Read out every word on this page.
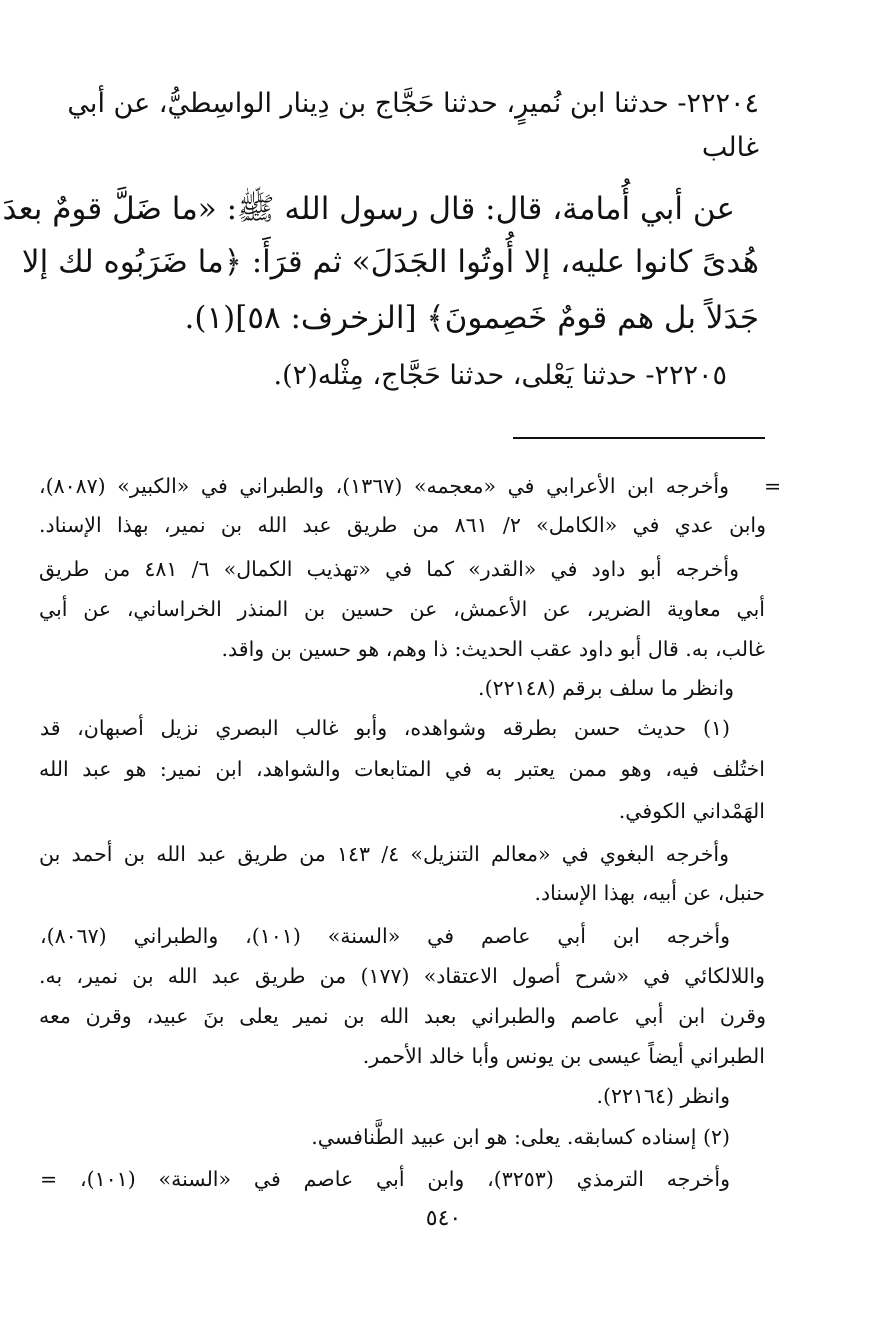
٢٢٢٠٤- حدثنا ابن نُميرٍ، حدثنا حَجَّاج بن دِينار الواسِطيُّ، عن أبي
غالب
عن أبي أُمامة، قال: قال رسول الله ﷺ: «ما ضَلَّ قومٌ بعدَ
هُدىً كانوا عليه، إلا أُوتُوا الجَدَلَ» ثم قرَأَ: ﴿ما ضَرَبُوه لك إلا
جَدَلاً بل هم قومٌ خَصِمونَ﴾ [الزخرف: ٥٨](١).
٢٢٢٠٥- حدثنا يَعْلى، حدثنا حَجَّاج، مِثْله(٢).
=
وأخرجه ابن الأعرابي في «معجمه» (١٣٦٧)، والطبراني في «الكبير» (٨٠٨٧)،
وابن عدي في «الكامل» ٢/ ٨٦١ من طريق عبد الله بن نمير، بهذا الإسناد.
وأخرجه أبو داود في «القدر» كما في «تهذيب الكمال» ٦/ ٤٨١ من طريق
أبي معاوية الضرير، عن الأعمش، عن حسين بن المنذر الخراساني، عن أبي
غالب، به. قال أبو داود عقب الحديث: ذا وهم، هو حسين بن واقد.
وانظر ما سلف برقم (٢٢١٤٨).
(١) حديث حسن بطرقه وشواهده، وأبو غالب البصري نزيل أصبهان، قد
اختُلف فيه، وهو ممن يعتبر به في المتابعات والشواهد، ابن نمير: هو عبد الله
الهَمْداني الكوفي.
وأخرجه البغوي في «معالم التنزيل» ٤/ ١٤٣ من طريق عبد الله بن أحمد بن
حنبل، عن أبيه، بهذا الإسناد.
وأخرجه ابن أبي عاصم في «السنة» (١٠١)، والطبراني (٨٠٦٧)،
واللالكائي في «شرح أصول الاعتقاد» (١٧٧) من طريق عبد الله بن نمير، به.
وقرن ابن أبي عاصم والطبراني بعبد الله بن نمير يعلى بنَ عبيد، وقرن معه
الطبراني أيضاً عيسى بن يونس وأبا خالد الأحمر.
وانظر (٢٢١٦٤).
(٢) إسناده كسابقه. يعلى: هو ابن عبيد الطَّنافسي.
وأخرجه الترمذي (٣٢٥٣)، وابن أبي عاصم في «السنة» (١٠١)، =
٥٤٠
